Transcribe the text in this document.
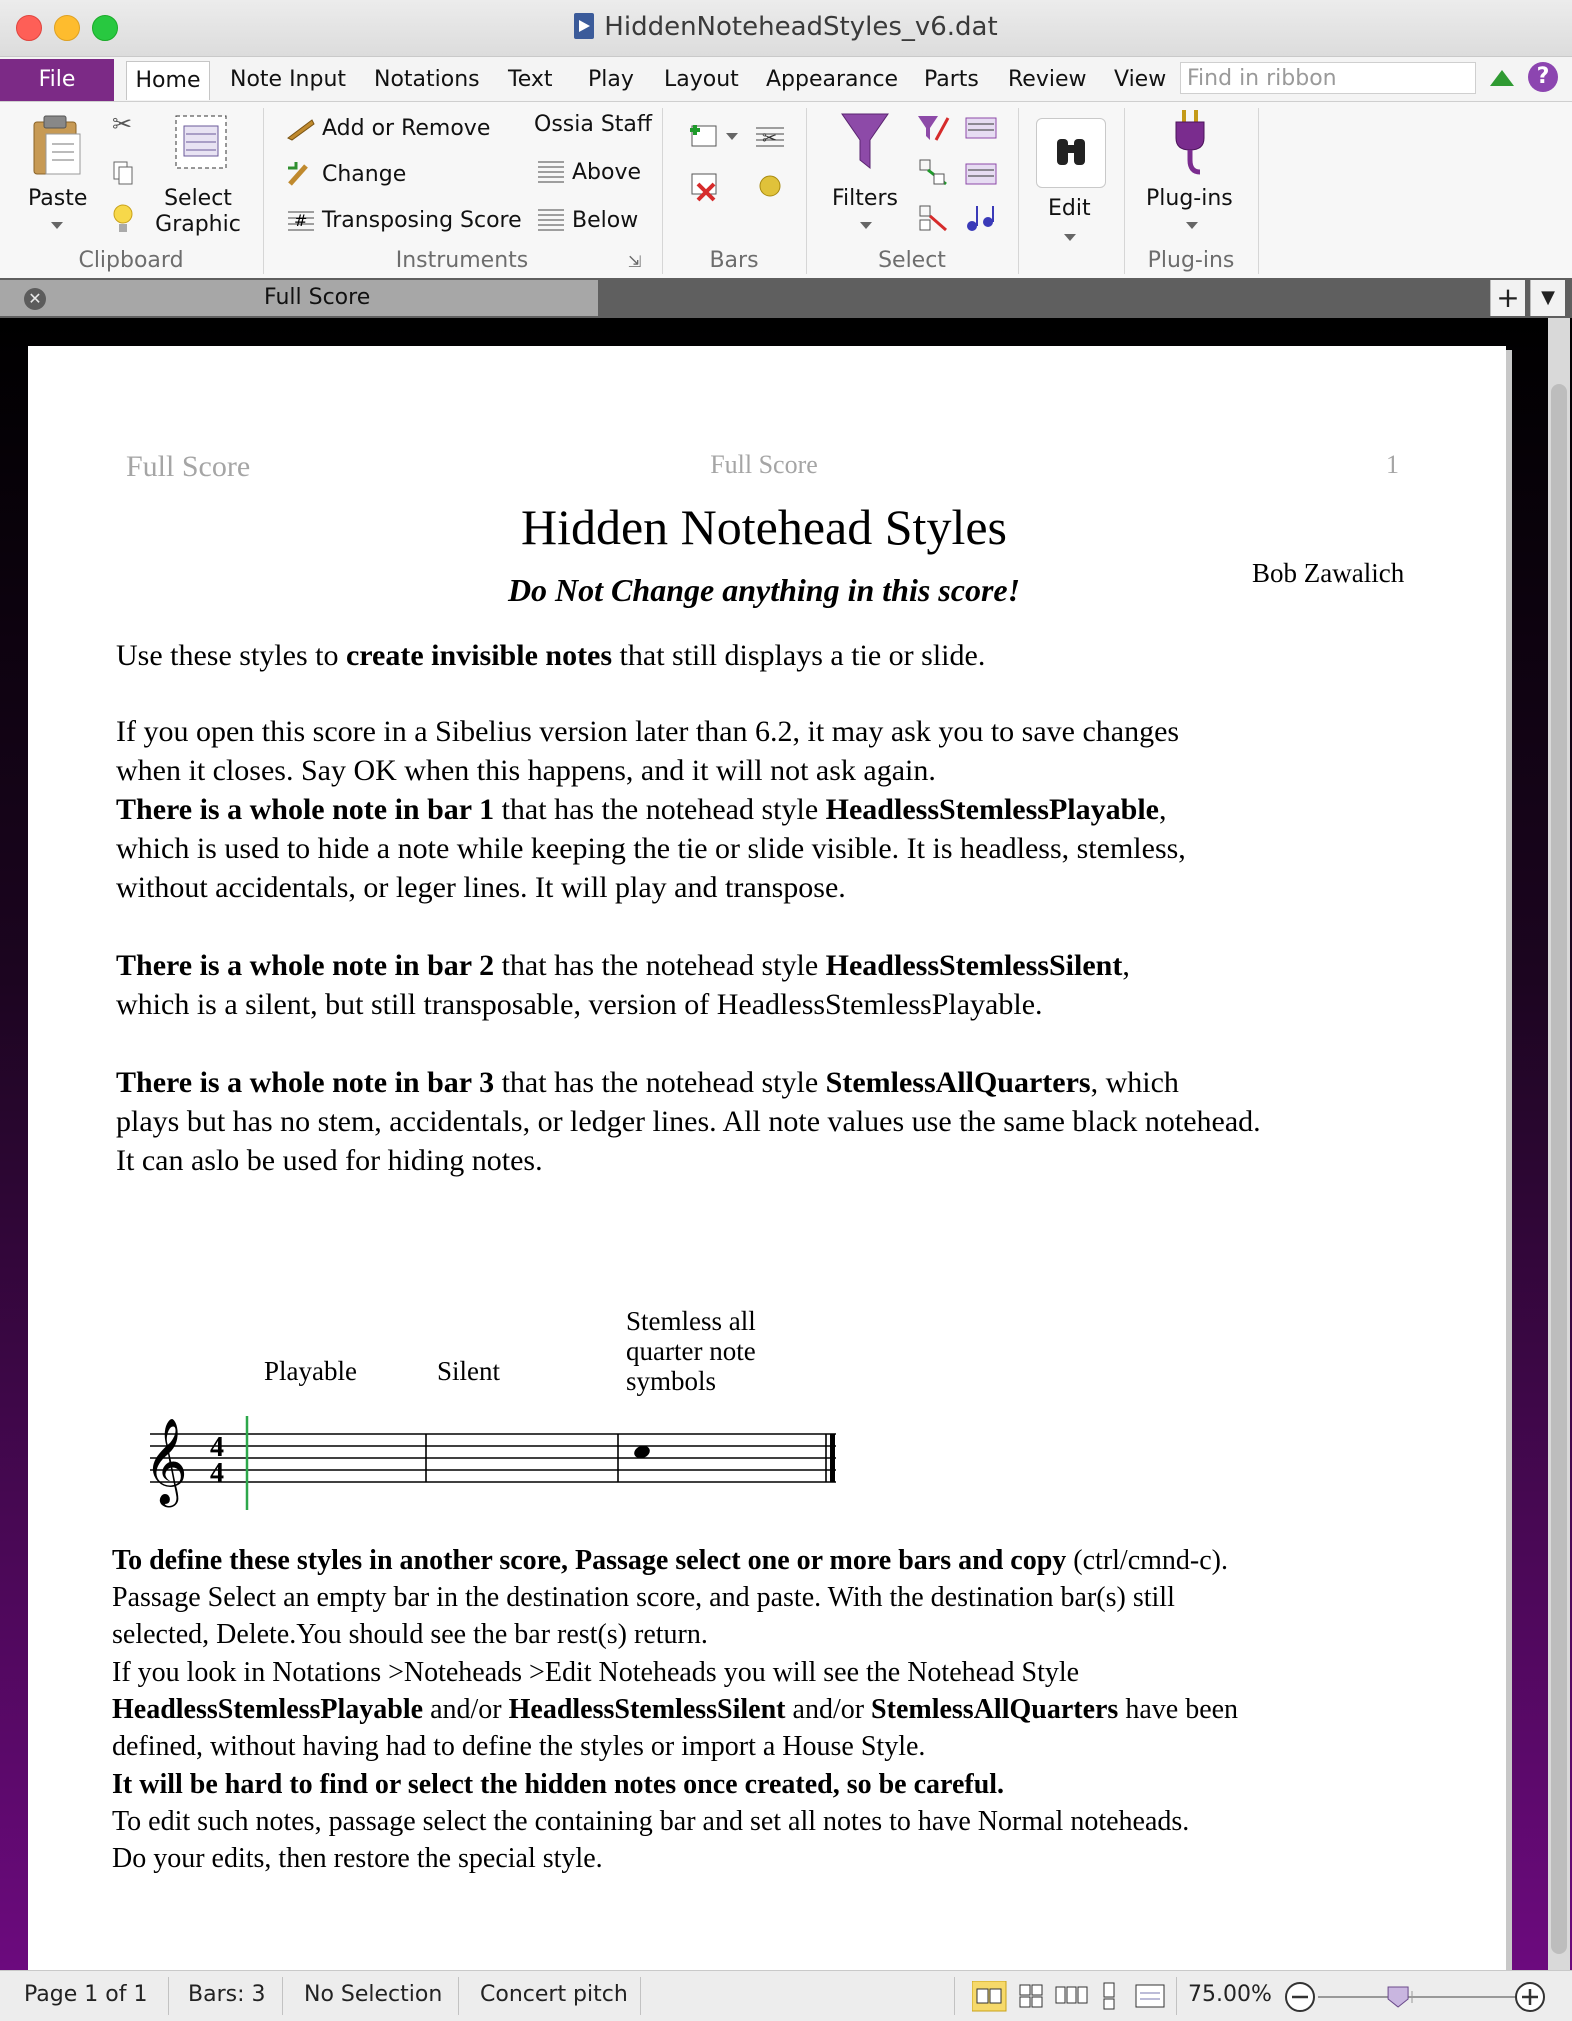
HiddenNoteheadStyles_v6.dat
File	Home	Note Input	Notations	Text	Play	Layout	Appearance	Parts	Review	View Find in ribbon	?
Paste
✂
Select
Graphic
Clipboard
Add or Remove
Change
# Transposing Score
Ossia Staff
Above
Below
Instruments	⇲
✂
Bars
Filters
Select
Edit	Plug-ins
Plug-ins
✕	Full Score	+	▼
Full Score	Full Score	1
Hidden Notehead Styles
Do Not Change anything in this score!	Bob Zawalich
Use these styles to create invisible notes that still displays a tie or slide.
If you open this score in a Sibelius version later than 6.2, it may ask you to save changes
when it closes. Say OK when this happens, and it will not ask again.
There is a whole note in bar 1 that has the notehead style HeadlessStemlessPlayable,
which is used to hide a note while keeping the tie or slide visible. It is headless, stemless,
without accidentals, or leger lines. It will play and transpose.
There is a whole note in bar 2 that has the notehead style HeadlessStemlessSilent,
which is a silent, but still transposable, version of HeadlessStemlessPlayable.
There is a whole note in bar 3 that has the notehead style StemlessAllQuarters, which
plays but has no stem, accidentals, or ledger lines. All note values use the same black notehead.
It can aslo be used for hiding notes.
Playable	Silent
Stemless all
quarter note
symbols
𝄞 4
4
To define these styles in another score, Passage select one or more bars and copy (ctrl/cmnd-c).
Passage Select an empty bar in the destination score, and paste. With the destination bar(s) still
selected, Delete.You should see the bar rest(s) return.
If you look in Notations >Noteheads >Edit Noteheads you will see the Notehead Style
HeadlessStemlessPlayable and/or HeadlessStemlessSilent and/or StemlessAllQuarters have been
defined, without having had to define the styles or import a House Style.
It will be hard to find or select the hidden notes once created, so be careful.
To edit such notes, passage select the containing bar and set all notes to have Normal noteheads.
Do your edits, then restore the special style.
Page 1 of 1 Bars: 3 No Selection Concert pitch	75.00%
